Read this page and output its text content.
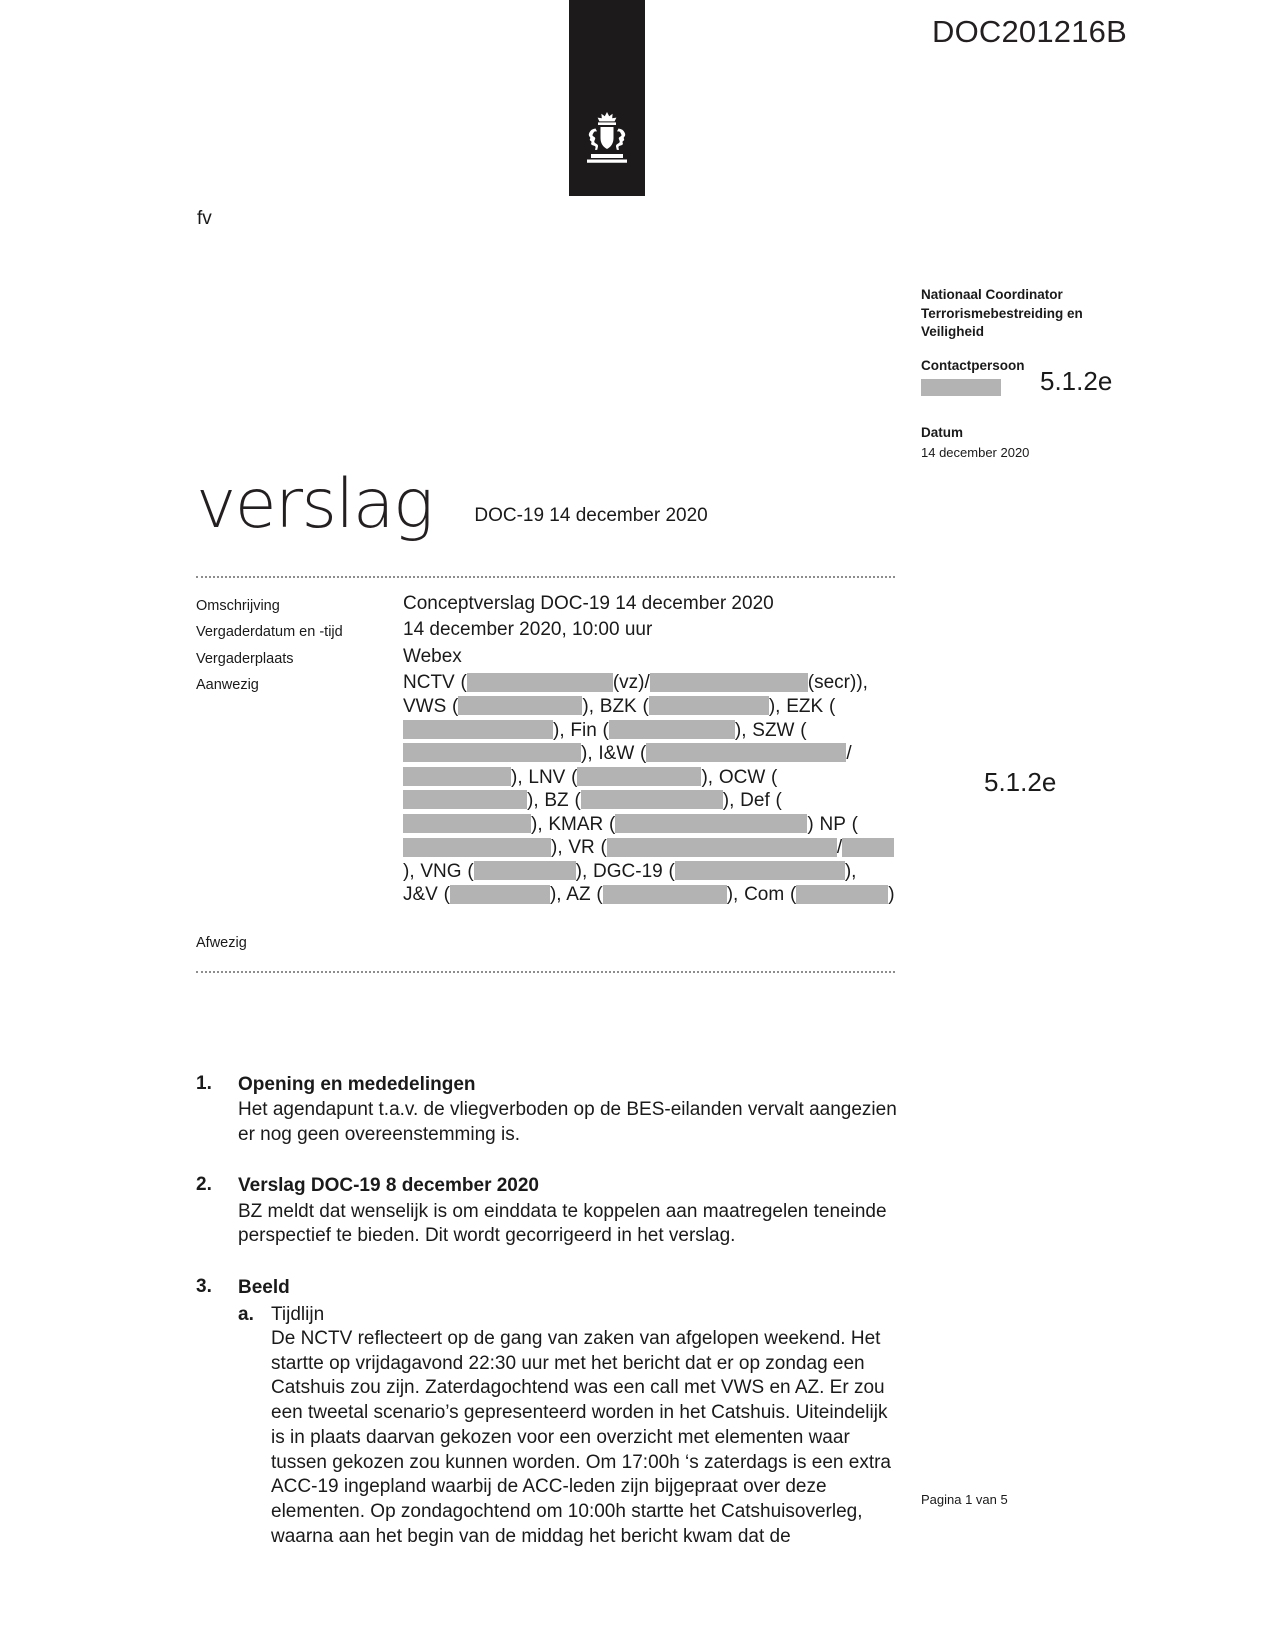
DOC201216B
fv
Nationaal Coordinator Terrorismebestreiding en Veiligheid
Contactpersoon
Datum
14 december 2020
5.1.2e
5.1.2e
verslag DOC-19 14 december 2020
Omschrijving	Conceptverslag DOC-19 14 december 2020
Vergaderdatum en -tijd	14 december 2020, 10:00 uur
Vergaderplaats	Webex
Aanwezig	NCTV (	(vz)/	(secr)), VWS (	), BZK (	), EZK (), Fin (	), SZW (), I&W (	/), LNV (	), OCW (), BZ (	), Def (), KMAR (	) NP (), VR (	/), VNG (	), DGC-19 (	), J&V (	), AZ (	), Com (	)
Afwezig
1.	Opening en mededelingen
Het agendapunt t.a.v. de vliegverboden op de BES-eilanden vervalt aangezien er nog geen overeenstemming is.
2.	Verslag DOC-19 8 december 2020
BZ meldt dat wenselijk is om einddata te koppelen aan maatregelen teneinde perspectief te bieden. Dit wordt gecorrigeerd in het verslag.
3.	Beeld
a. Tijdlijn
De NCTV reflecteert op de gang van zaken van afgelopen weekend. Het startte op vrijdagavond 22:30 uur met het bericht dat er op zondag een Catshuis zou zijn. Zaterdagochtend was een call met VWS en AZ. Er zou een tweetal scenario’s gepresenteerd worden in het Catshuis. Uiteindelijk is in plaats daarvan gekozen voor een overzicht met elementen waar tussen gekozen zou kunnen worden. Om 17:00h ‘s zaterdags is een extra ACC-19 ingepland waarbij de ACC-leden zijn bijgepraat over deze elementen. Op zondagochtend om 10:00h startte het Catshuisoverleg, waarna aan het begin van de middag het bericht kwam dat de
Pagina 1 van 5
